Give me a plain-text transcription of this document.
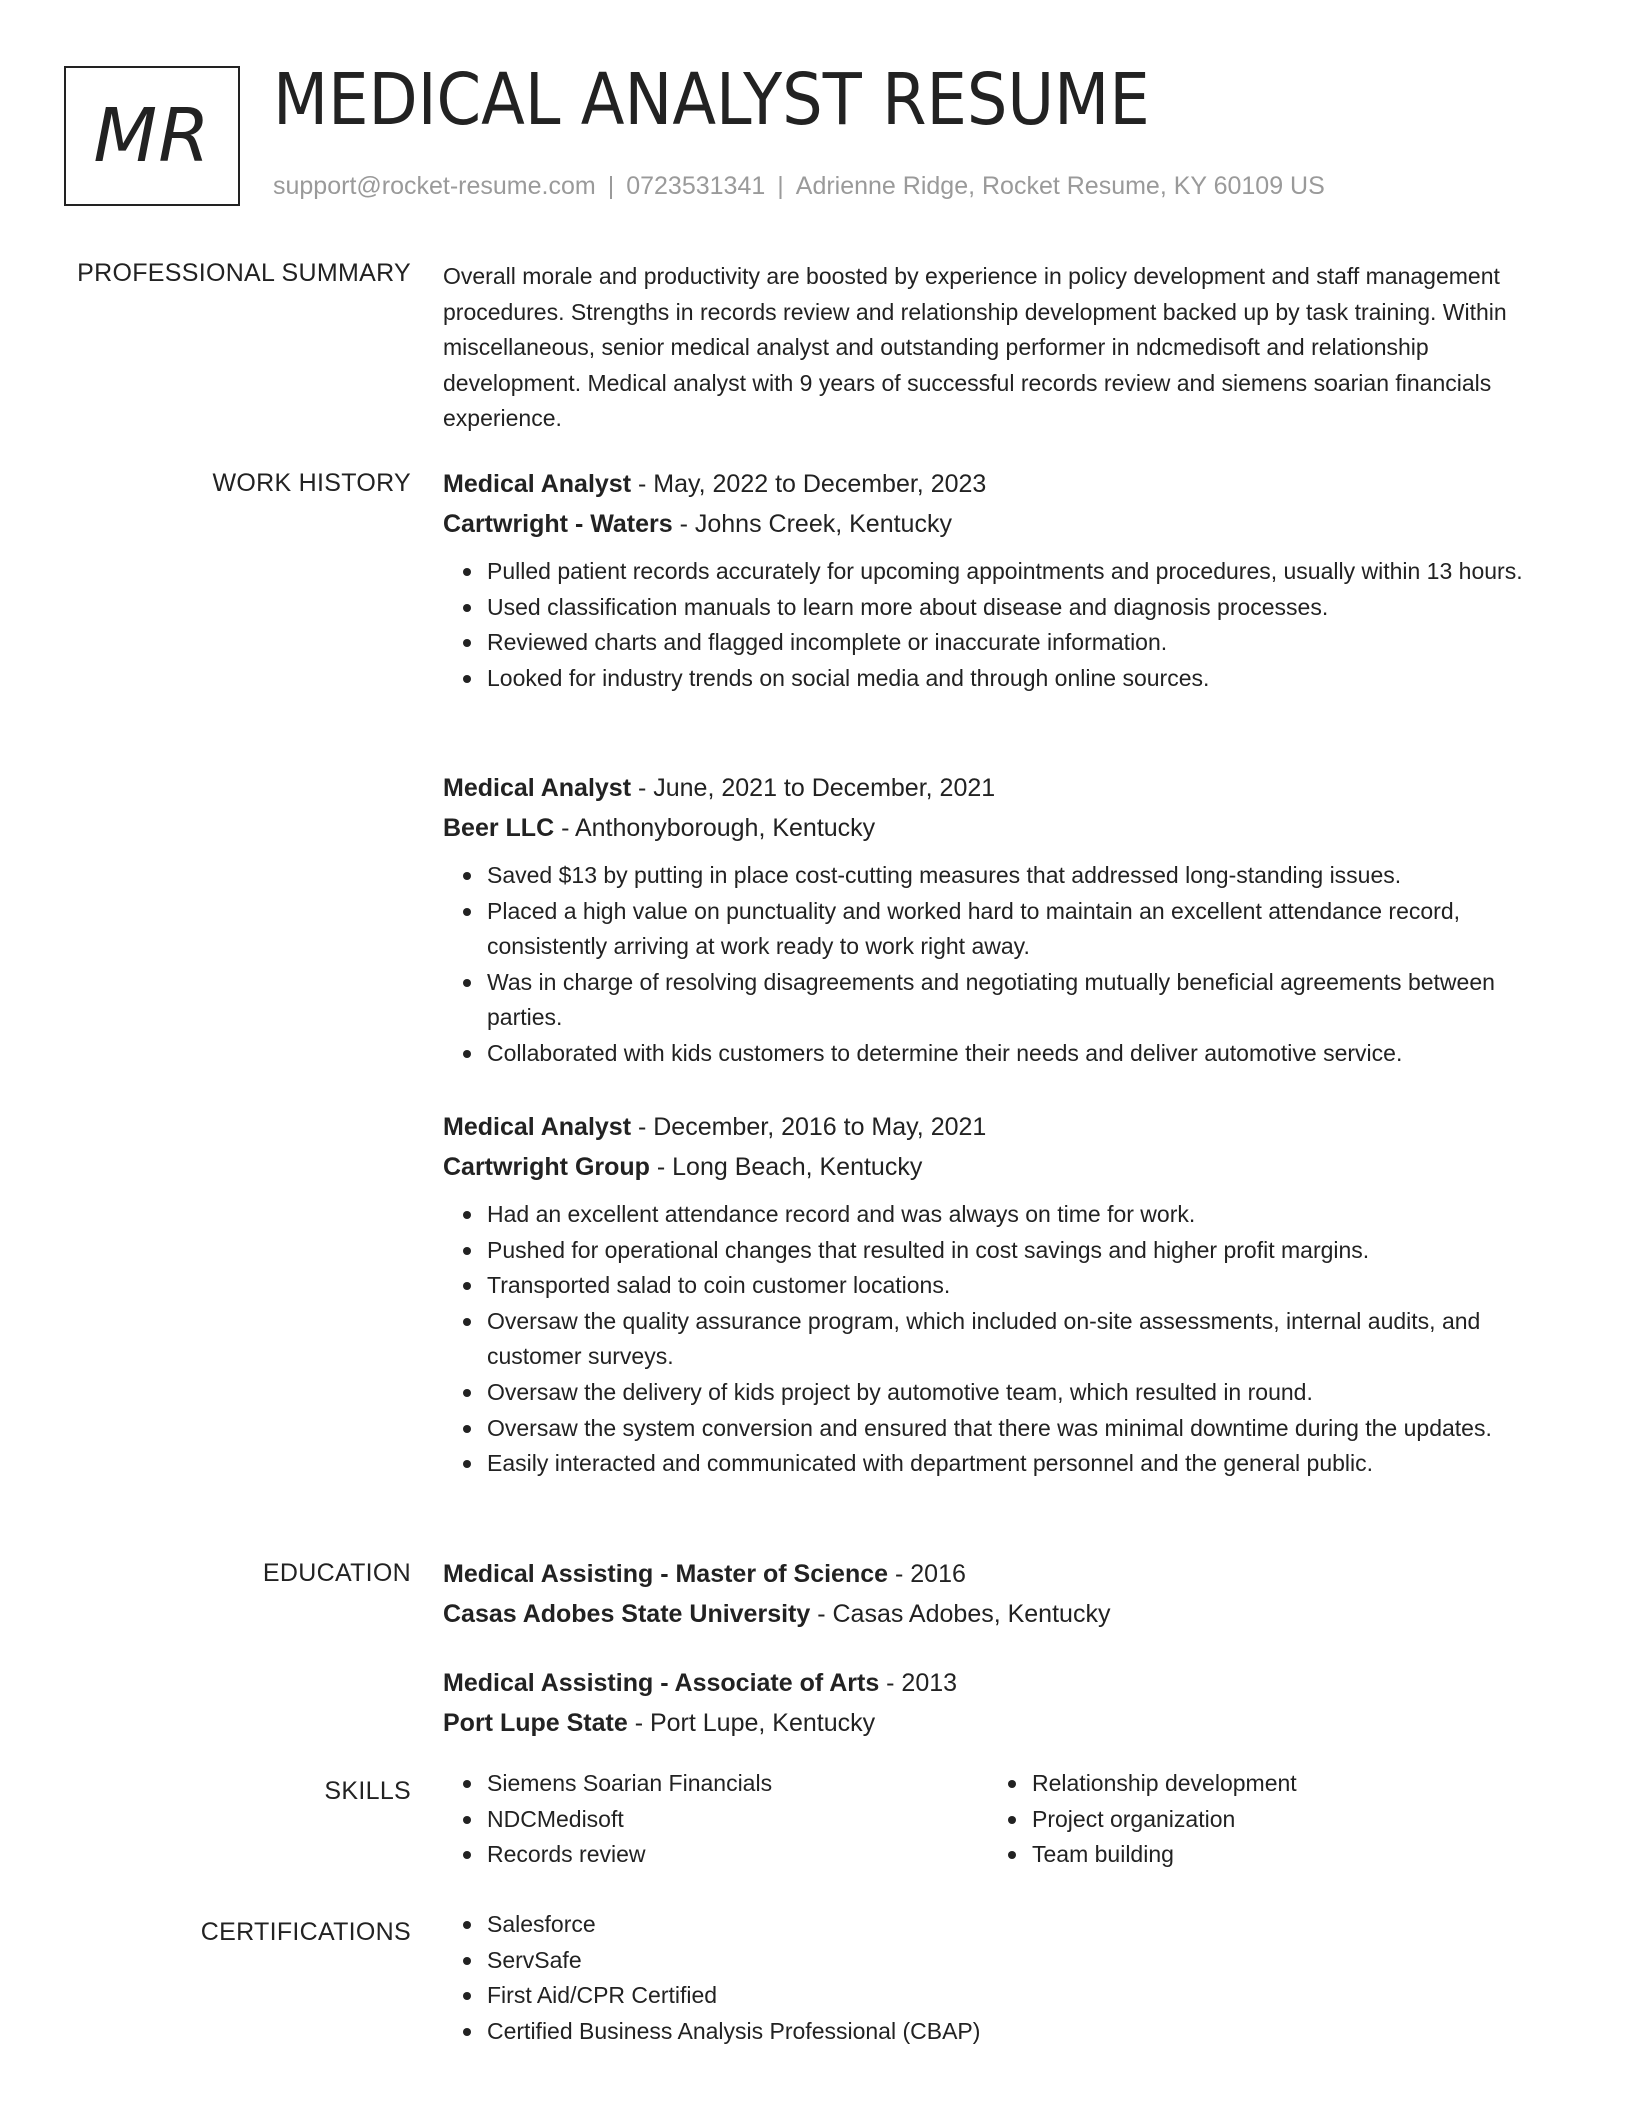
MR MEDICAL ANALYST RESUME
support@rocket-resume.com | 0723531341 | Adrienne Ridge, Rocket Resume, KY 60109 US
PROFESSIONAL SUMMARY Overall morale and productivity are boosted by experience in policy development and staff management procedures. Strengths in records review and relationship development backed up by task training. Within miscellaneous, senior medical analyst and outstanding performer in ndcmedisoft and relationship development. Medical analyst with 9 years of successful records review and siemens soarian financials experience.

WORK HISTORY Medical Analyst - May, 2022 to December, 2023
Cartwright - Waters - Johns Creek, Kentucky
Pulled patient records accurately for upcoming appointments and procedures, usually within 13 hours.
Used classification manuals to learn more about disease and diagnosis processes.
Reviewed charts and flagged incomplete or inaccurate information.
Looked for industry trends on social media and through online sources.
Medical Analyst - June, 2021 to December, 2021
Beer LLC - Anthonyborough, Kentucky
Saved $13 by putting in place cost-cutting measures that addressed long-standing issues.
Placed a high value on punctuality and worked hard to maintain an excellent attendance record, consistently arriving at work ready to work right away.
Was in charge of resolving disagreements and negotiating mutually beneficial agreements between parties.
Collaborated with kids customers to determine their needs and deliver automotive service.
Medical Analyst - December, 2016 to May, 2021
Cartwright Group - Long Beach, Kentucky
Had an excellent attendance record and was always on time for work.
Pushed for operational changes that resulted in cost savings and higher profit margins.
Transported salad to coin customer locations.
Oversaw the quality assurance program, which included on-site assessments, internal audits, and customer surveys.
Oversaw the delivery of kids project by automotive team, which resulted in round.
Oversaw the system conversion and ensured that there was minimal downtime during the updates.
Easily interacted and communicated with department personnel and the general public.
EDUCATION Medical Assisting - Master of Science - 2016
Casas Adobes State University - Casas Adobes, Kentucky
Medical Assisting - Associate of Arts - 2013
Port Lupe State - Port Lupe, Kentucky
SKILLS	Siemens Soarian Financials
NDCMedisoft
Records review
Relationship development
Project organization
Team building
CERTIFICATIONS	Salesforce
ServSafe
First Aid/CPR Certified
Certified Business Analysis Professional (CBAP)
